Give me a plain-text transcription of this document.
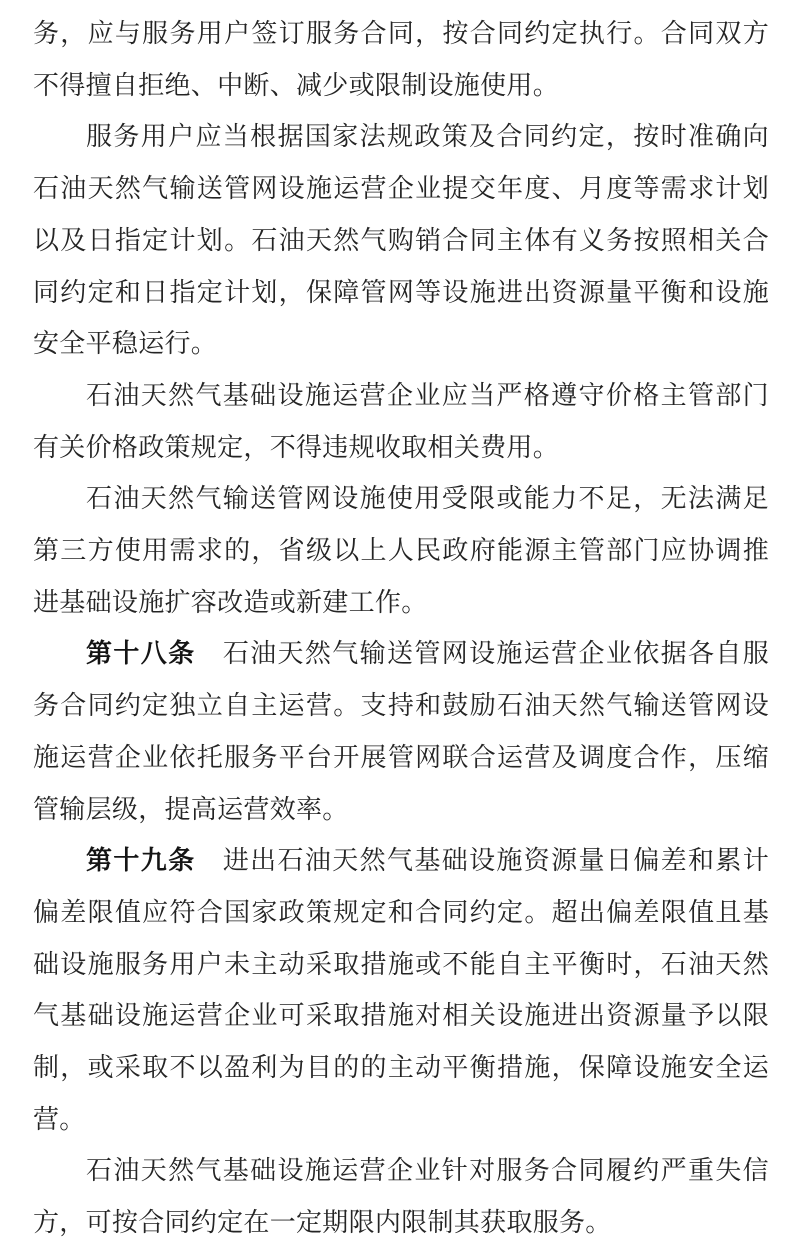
务，应与服务用户签订服务合同，按合同约定执行。合同双方不得擅自拒绝、中断、减少或限制设施使用。

服务用户应当根据国家法规政策及合同约定，按时准确向石油天然气输送管网设施运营企业提交年度、月度等需求计划以及日指定计划。石油天然气购销合同主体有义务按照相关合同约定和日指定计划，保障管网等设施进出资源量平衡和设施安全平稳运行。

石油天然气基础设施运营企业应当严格遵守价格主管部门有关价格政策规定，不得违规收取相关费用。

石油天然气输送管网设施使用受限或能力不足，无法满足第三方使用需求的，省级以上人民政府能源主管部门应协调推进基础设施扩容改造或新建工作。

第十八条　石油天然气输送管网设施运营企业依据各自服务合同约定独立自主运营。支持和鼓励石油天然气输送管网设施运营企业依托服务平台开展管网联合运营及调度合作，压缩管输层级，提高运营效率。

第十九条　进出石油天然气基础设施资源量日偏差和累计偏差限值应符合国家政策规定和合同约定。超出偏差限值且基础设施服务用户未主动采取措施或不能自主平衡时，石油天然气基础设施运营企业可采取措施对相关设施进出资源量予以限制，或采取不以盈利为目的的主动平衡措施，保障设施安全运营。

石油天然气基础设施运营企业针对服务合同履约严重失信方，可按合同约定在一定期限内限制其获取服务。
